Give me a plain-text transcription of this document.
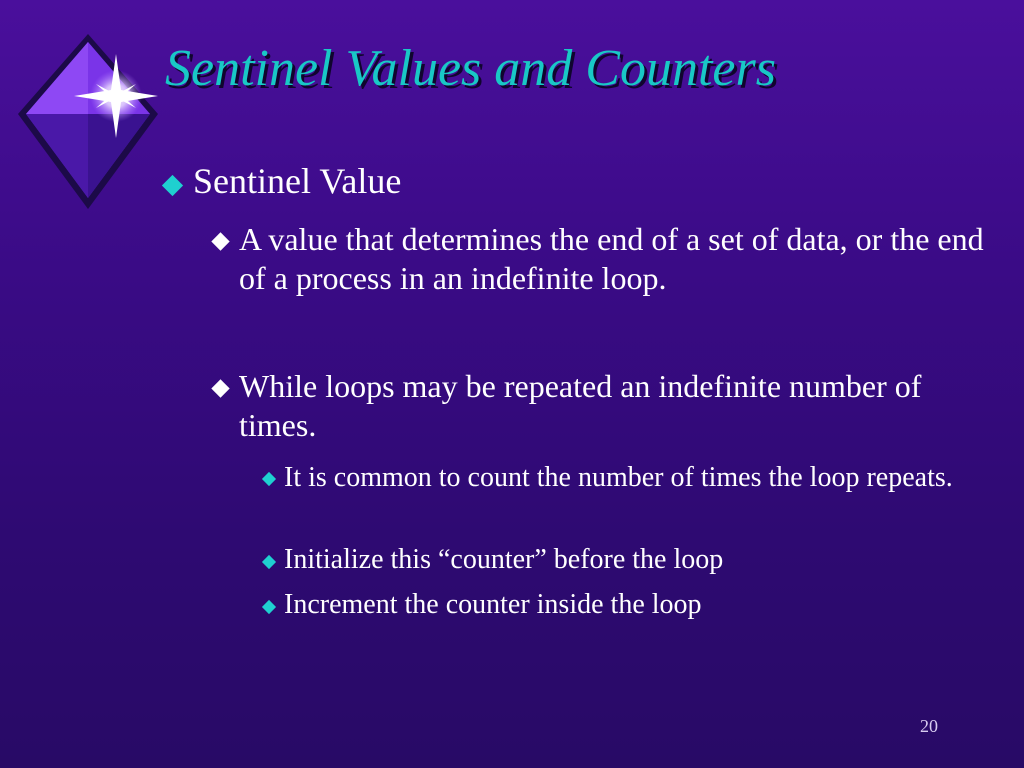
Sentinel Values and Counters
Sentinel Value
A value that determines the end of a set of data, or the end of a process in an indefinite loop.
While loops may be repeated an indefinite number of times.
It is common to count the number of times the loop repeats.
Initialize this “counter” before the loop
Increment the counter inside the loop
20
